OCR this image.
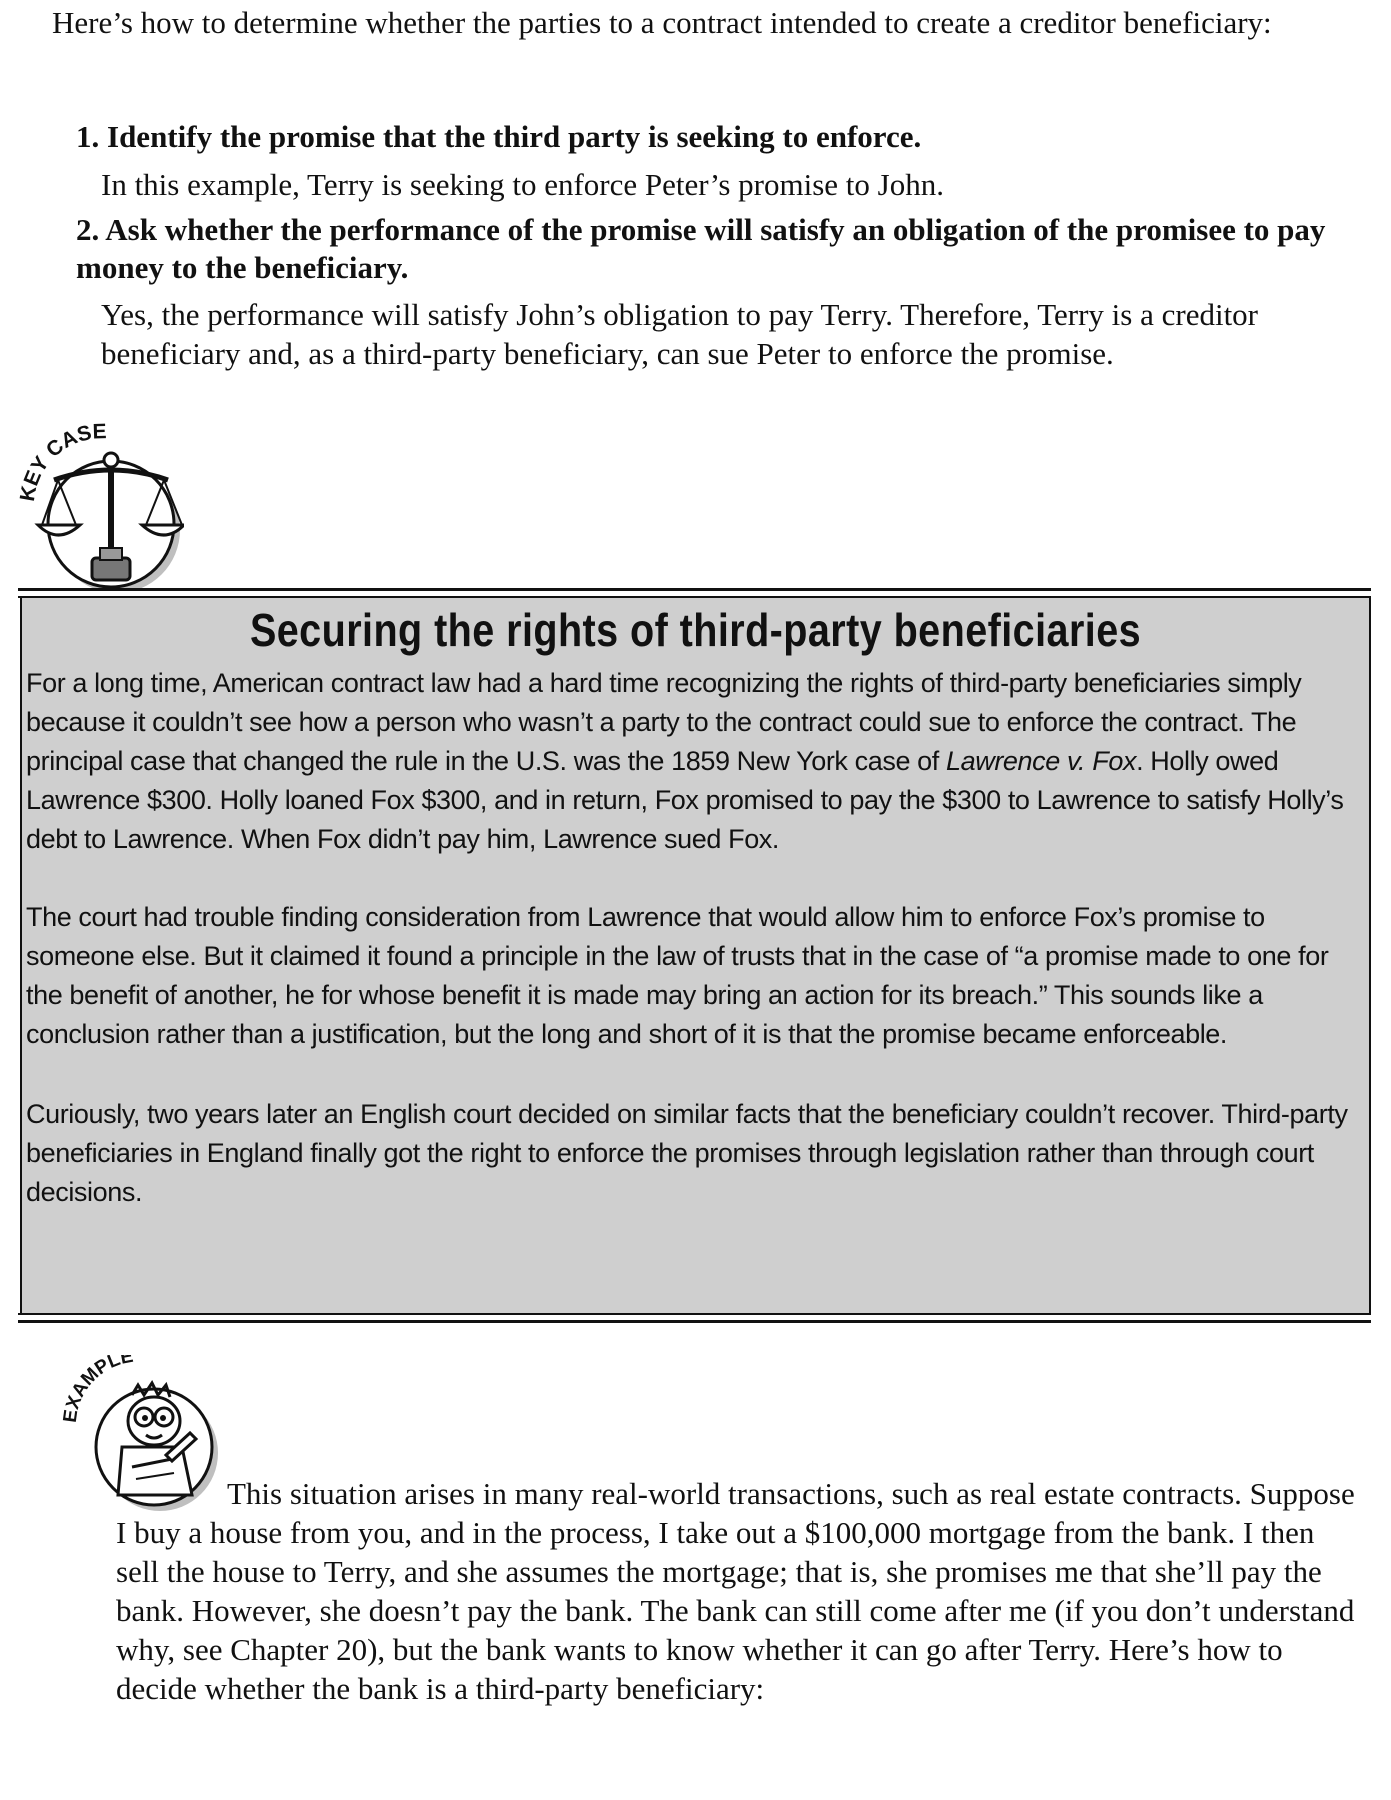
Here’s how to determine whether the parties to a contract intended to create a creditor beneficiary:
1. Identify the promise that the third party is seeking to enforce.
In this example, Terry is seeking to enforce Peter’s promise to John.
2. Ask whether the performance of the promise will satisfy an obligation of the promisee to pay money to the beneficiary.
Yes, the performance will satisfy John’s obligation to pay Terry. Therefore, Terry is a creditor beneficiary and, as a third-party beneficiary, can sue Peter to enforce the promise.
KEY CASE
Securing the rights of third-party beneficiaries
For a long time, American contract law had a hard time recognizing the rights of third-party beneficiaries simply because it couldn’t see how a person who wasn’t a party to the contract could sue to enforce the contract. The principal case that changed the rule in the U.S. was the 1859 New York case of Lawrence v. Fox. Holly owed Lawrence $300. Holly loaned Fox $300, and in return, Fox promised to pay the $300 to Lawrence to satisfy Holly’s debt to Lawrence. When Fox didn’t pay him, Lawrence sued Fox.
The court had trouble finding consideration from Lawrence that would allow him to enforce Fox’s promise to someone else. But it claimed it found a principle in the law of trusts that in the case of “a promise made to one for the benefit of another, he for whose benefit it is made may bring an action for its breach.” This sounds like a conclusion rather than a justification, but the long and short of it is that the promise became enforceable.
Curiously, two years later an English court decided on similar facts that the beneficiary couldn’t recover. Third-party beneficiaries in England finally got the right to enforce the promises through legislation rather than through court decisions.
EXAMPLE
This situation arises in many real-world transactions, such as real estate contracts. Suppose I buy a house from you, and in the process, I take out a $100,000 mortgage from the bank. I then sell the house to Terry, and she assumes the mortgage; that is, she promises me that she’ll pay the bank. However, she doesn’t pay the bank. The bank can still come after me (if you don’t understand why, see Chapter 20), but the bank wants to know whether it can go after Terry. Here’s how to decide whether the bank is a third-party beneficiary:
